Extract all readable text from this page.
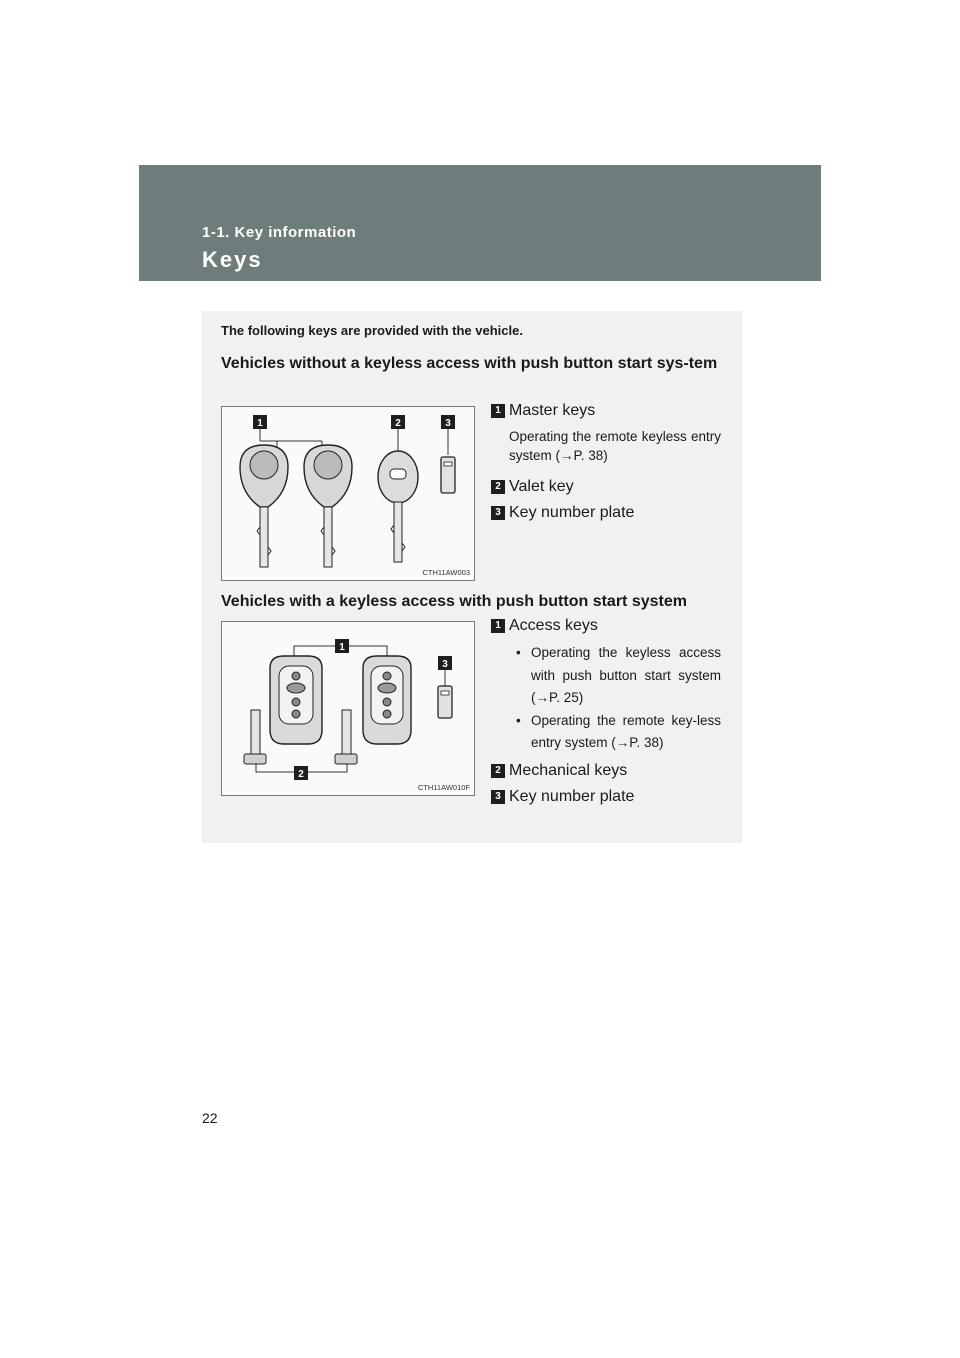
1-1. Key information
Keys
The following keys are provided with the vehicle.
Vehicles without a keyless access with push button start sys-tem
1	2	3
CTH11AW003
1 Master keys
Operating the remote keyless entry system (→P. 38)
2 Valet key
3 Key number plate
Vehicles with a keyless access with push button start system
1
2
3
CTH11AW010F
1 Access keys
• Operating the keyless access with push button start system (→P. 25)
• Operating the remote key-less entry system (→P. 38)
2 Mechanical keys
3 Key number plate
22
